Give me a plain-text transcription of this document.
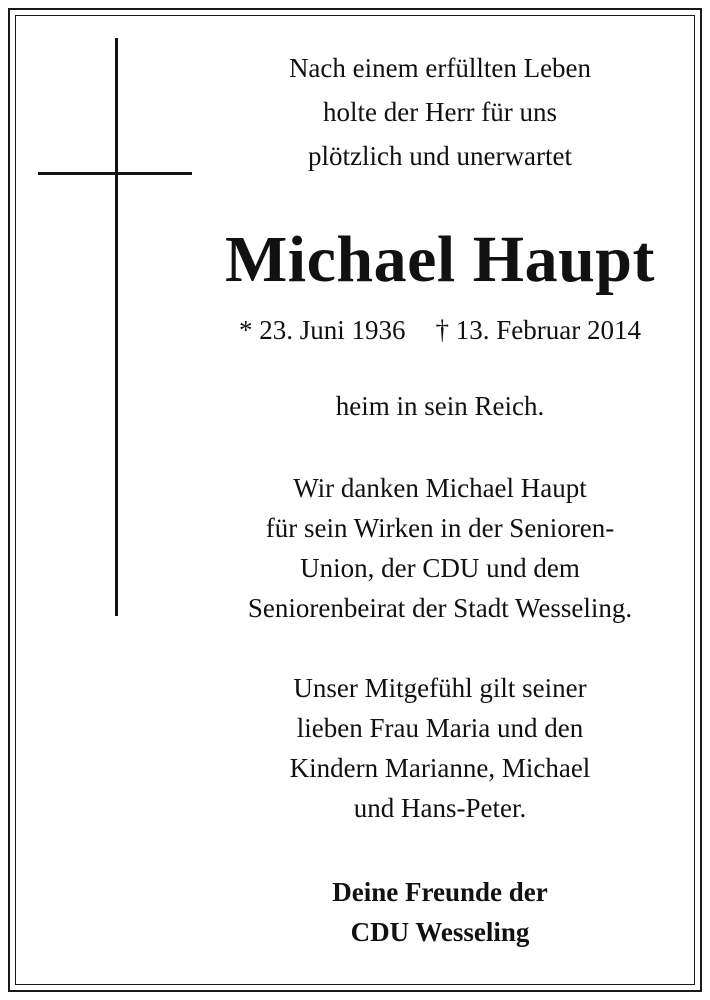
Nach einem erfüllten Leben
holte der Herr für uns
plötzlich und unerwartet
Michael Haupt
* 23. Juni 1936 † 13. Februar 2014
heim in sein Reich.
Wir danken Michael Haupt
für sein Wirken in der Senioren-
Union, der CDU und dem
Seniorenbeirat der Stadt Wesseling.
Unser Mitgefühl gilt seiner
lieben Frau Maria und den
Kindern Marianne, Michael
und Hans-Peter.
Deine Freunde der
CDU Wesseling
